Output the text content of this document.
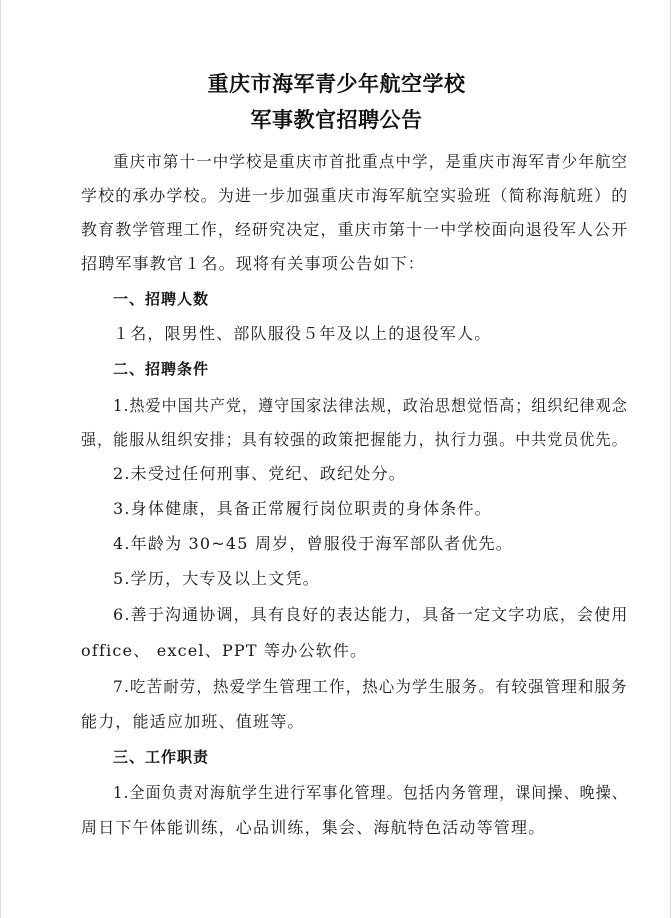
重庆市海军青少年航空学校
军事教官招聘公告
重庆市第十一中学校是重庆市首批重点中学，是重庆市海军青少年航空
学校的承办学校。为进一步加强重庆市海军航空实验班（简称海航班）的
教育教学管理工作，经研究决定，重庆市第十一中学校面向退役军人公开
招聘军事教官１名。现将有关事项公告如下：
一、招聘人数
１名，限男性、部队服役５年及以上的退役军人。
二、招聘条件
1.热爱中国共产党，遵守国家法律法规，政治思想觉悟高；组织纪律观念
强，能服从组织安排；具有较强的政策把握能力，执行力强。中共党员优先。
2.未受过任何刑事、党纪、政纪处分。
3.身体健康，具备正常履行岗位职责的身体条件。
4.年龄为 30~45 周岁，曾服役于海军部队者优先。
5.学历，大专及以上文凭。
6.善于沟通协调，具有良好的表达能力，具备一定文字功底，会使用
office、 excel、PPT 等办公软件。
7.吃苦耐劳，热爱学生管理工作，热心为学生服务。有较强管理和服务
能力，能适应加班、值班等。
三、工作职责
1.全面负责对海航学生进行军事化管理。包括内务管理，课间操、晚操、
周日下午体能训练，心品训练，集会、海航特色活动等管理。
